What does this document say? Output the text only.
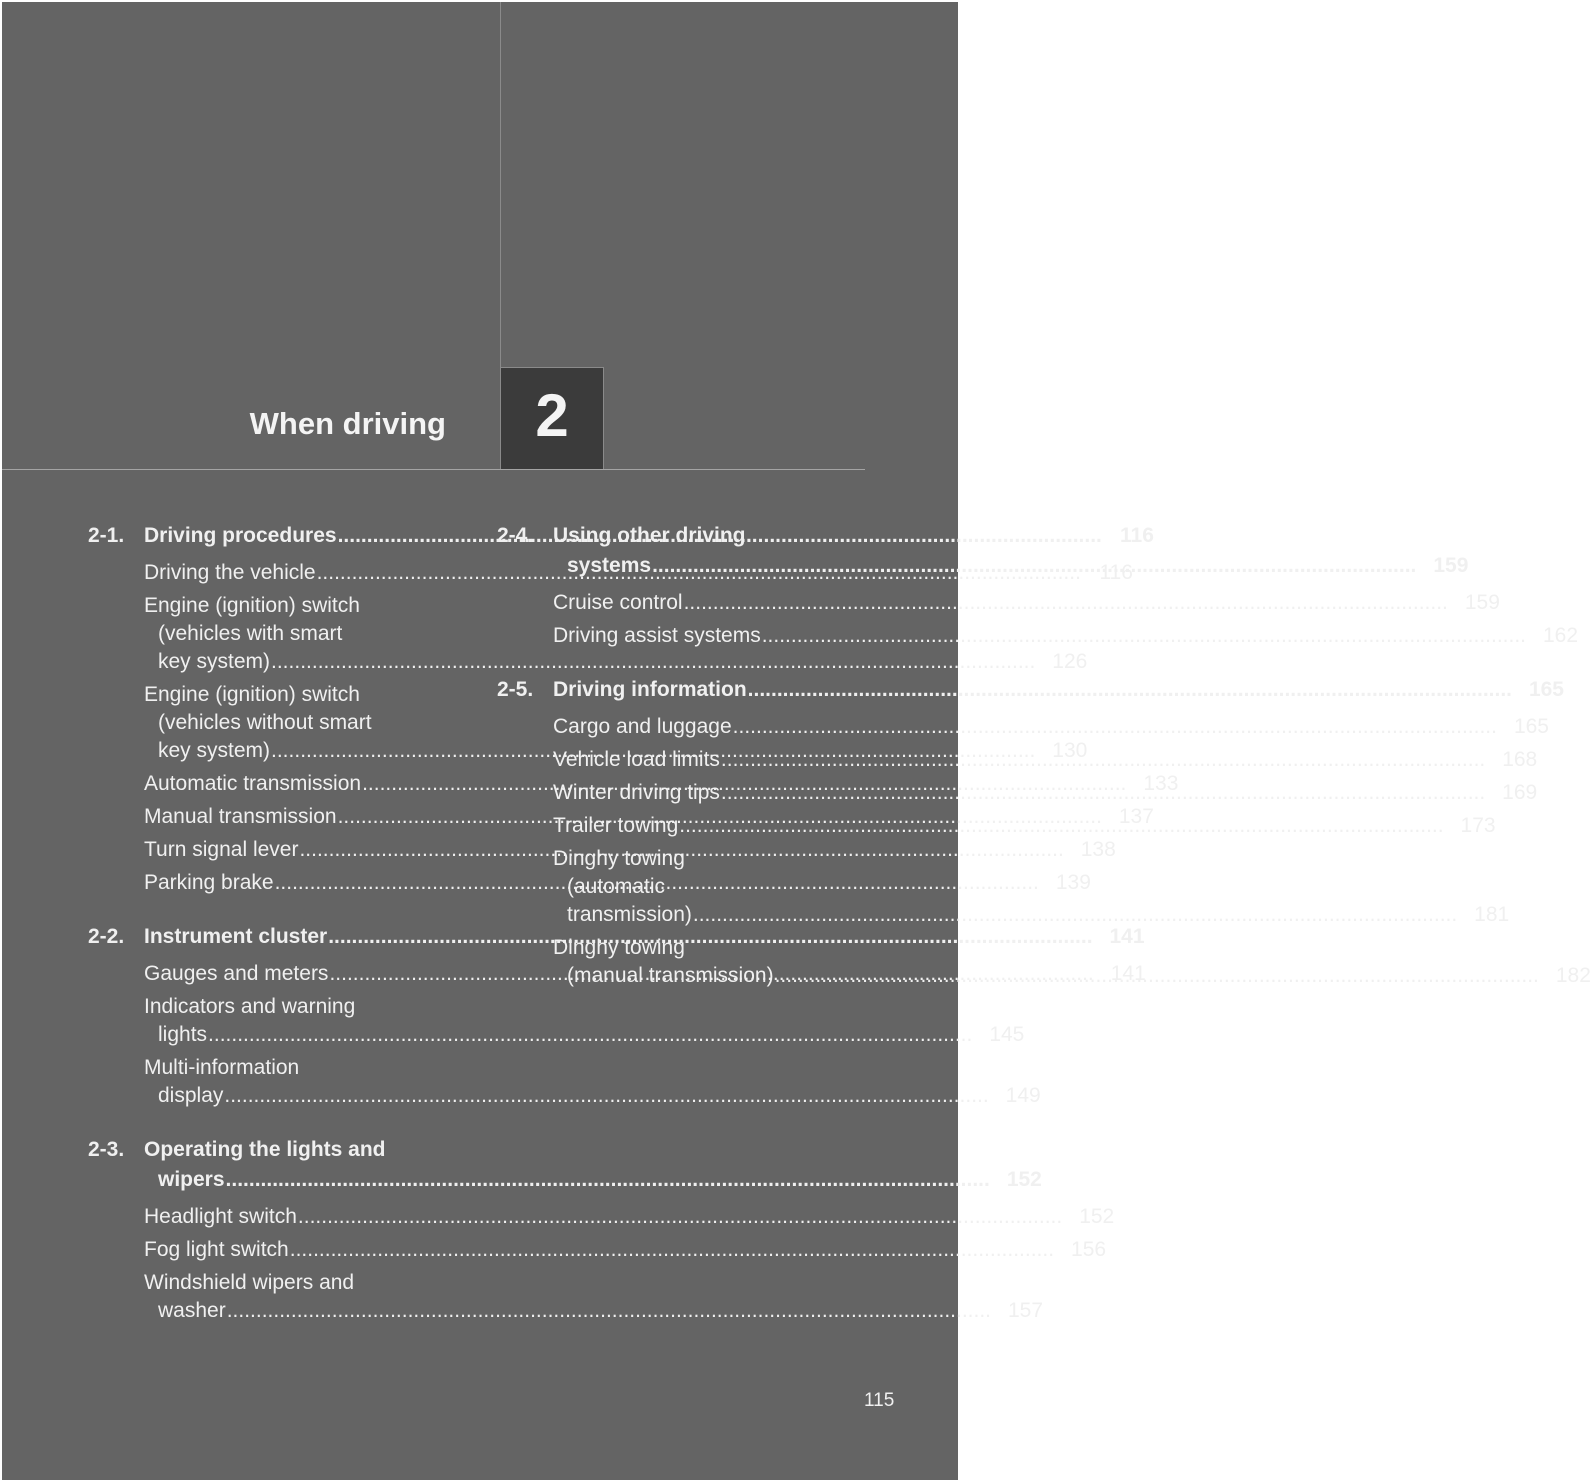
When driving 2
2-1. Driving procedures .....	116
Driving the vehicle .....	116
Engine (ignition) switch
(vehicles with smart
key system) .....	126
Engine (ignition) switch
(vehicles without smart
key system) .....	130
Automatic transmission .....	133
Manual transmission .....	137
Turn signal lever .....	138
Parking brake .....	139
2-2. Instrument cluster .....	141
Gauges and meters .....	141
Indicators and warning
lights .....	145
Multi-information
display .....	149
2-3. Operating the lights and
wipers .....	152
Headlight switch .....	152
Fog light switch .....	156
Windshield wipers and
washer .....	157
2-4. Using other driving
systems .....	159
Cruise control .....	159
Driving assist systems .....	162
2-5. Driving information .....	165
Cargo and luggage .....	165
Vehicle load limits .....	168
Winter driving tips .....	169
Trailer towing .....	173
Dinghy towing
(automatic
transmission) .....	181
Dinghy towing
(manual transmission) .....	182
115
